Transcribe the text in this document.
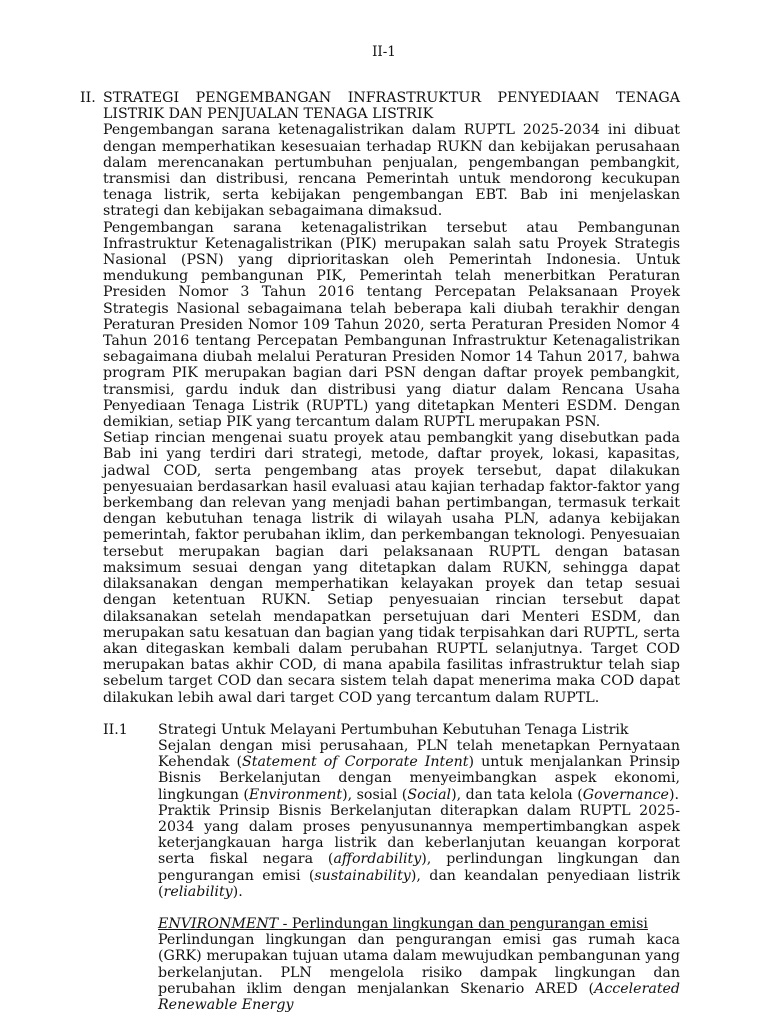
II-1
II. STRATEGI PENGEMBANGAN INFRASTRUKTUR PENYEDIAAN TENAGA LISTRIK DAN PENJUALAN TENAGA LISTRIK

Pengembangan sarana ketenagalistrikan dalam RUPTL 2025-2034 ini dibuat dengan memperhatikan kesesuaian terhadap RUKN dan kebijakan perusahaan dalam merencanakan pertumbuhan penjualan, pengembangan pembangkit, transmisi dan distribusi, rencana Pemerintah untuk mendorong kecukupan tenaga listrik, serta kebijakan pengembangan EBT. Bab ini menjelaskan strategi dan kebijakan sebagaimana dimaksud.

Pengembangan sarana ketenagalistrikan tersebut atau Pembangunan Infrastruktur Ketenagalistrikan (PIK) merupakan salah satu Proyek Strategis Nasional (PSN) yang diprioritaskan oleh Pemerintah Indonesia. Untuk mendukung pembangunan PIK, Pemerintah telah menerbitkan Peraturan Presiden Nomor 3 Tahun 2016 tentang Percepatan Pelaksanaan Proyek Strategis Nasional sebagaimana telah beberapa kali diubah terakhir dengan Peraturan Presiden Nomor 109 Tahun 2020, serta Peraturan Presiden Nomor 4 Tahun 2016 tentang Percepatan Pembangunan Infrastruktur Ketenagalistrikan sebagaimana diubah melalui Peraturan Presiden Nomor 14 Tahun 2017, bahwa program PIK merupakan bagian dari PSN dengan daftar proyek pembangkit, transmisi, gardu induk dan distribusi yang diatur dalam Rencana Usaha Penyediaan Tenaga Listrik (RUPTL) yang ditetapkan Menteri ESDM. Dengan demikian, setiap PIK yang tercantum dalam RUPTL merupakan PSN.

Setiap rincian mengenai suatu proyek atau pembangkit yang disebutkan pada Bab ini yang terdiri dari strategi, metode, daftar proyek, lokasi, kapasitas, jadwal COD, serta pengembang atas proyek tersebut, dapat dilakukan penyesuaian berdasarkan hasil evaluasi atau kajian terhadap faktor-faktor yang berkembang dan relevan yang menjadi bahan pertimbangan, termasuk terkait dengan kebutuhan tenaga listrik di wilayah usaha PLN, adanya kebijakan pemerintah, faktor perubahan iklim, dan perkembangan teknologi. Penyesuaian tersebut merupakan bagian dari pelaksanaan RUPTL dengan batasan maksimum sesuai dengan yang ditetapkan dalam RUKN, sehingga dapat dilaksanakan dengan memperhatikan kelayakan proyek dan tetap sesuai dengan ketentuan RUKN. Setiap penyesuaian rincian tersebut dapat dilaksanakan setelah mendapatkan persetujuan dari Menteri ESDM, dan merupakan satu kesatuan dan bagian yang tidak terpisahkan dari RUPTL, serta akan ditegaskan kembali dalam perubahan RUPTL selanjutnya. Target COD merupakan batas akhir COD, di mana apabila fasilitas infrastruktur telah siap sebelum target COD dan secara sistem telah dapat menerima maka COD dapat dilakukan lebih awal dari target COD yang tercantum dalam RUPTL.

II.1	Strategi Untuk Melayani Pertumbuhan Kebutuhan Tenaga Listrik

Sejalan dengan misi perusahaan, PLN telah menetapkan Pernyataan Kehendak (Statement of Corporate Intent) untuk menjalankan Prinsip Bisnis Berkelanjutan dengan menyeimbangkan aspek ekonomi, lingkungan (Environment), sosial (Social), dan tata kelola (Governance).

Praktik Prinsip Bisnis Berkelanjutan diterapkan dalam RUPTL 2025-2034 yang dalam proses penyusunannya mempertimbangkan aspek keterjangkauan harga listrik dan keberlanjutan keuangan korporat serta fiskal negara (affordability), perlindungan lingkungan dan pengurangan emisi (sustainability), dan keandalan penyediaan listrik (reliability).

ENVIRONMENT - Perlindungan lingkungan dan pengurangan emisi

Perlindungan lingkungan dan pengurangan emisi gas rumah kaca (GRK) merupakan tujuan utama dalam mewujudkan pembangunan yang berkelanjutan. PLN mengelola risiko dampak lingkungan dan perubahan iklim dengan menjalankan Skenario ARED (Accelerated Renewable Energy
